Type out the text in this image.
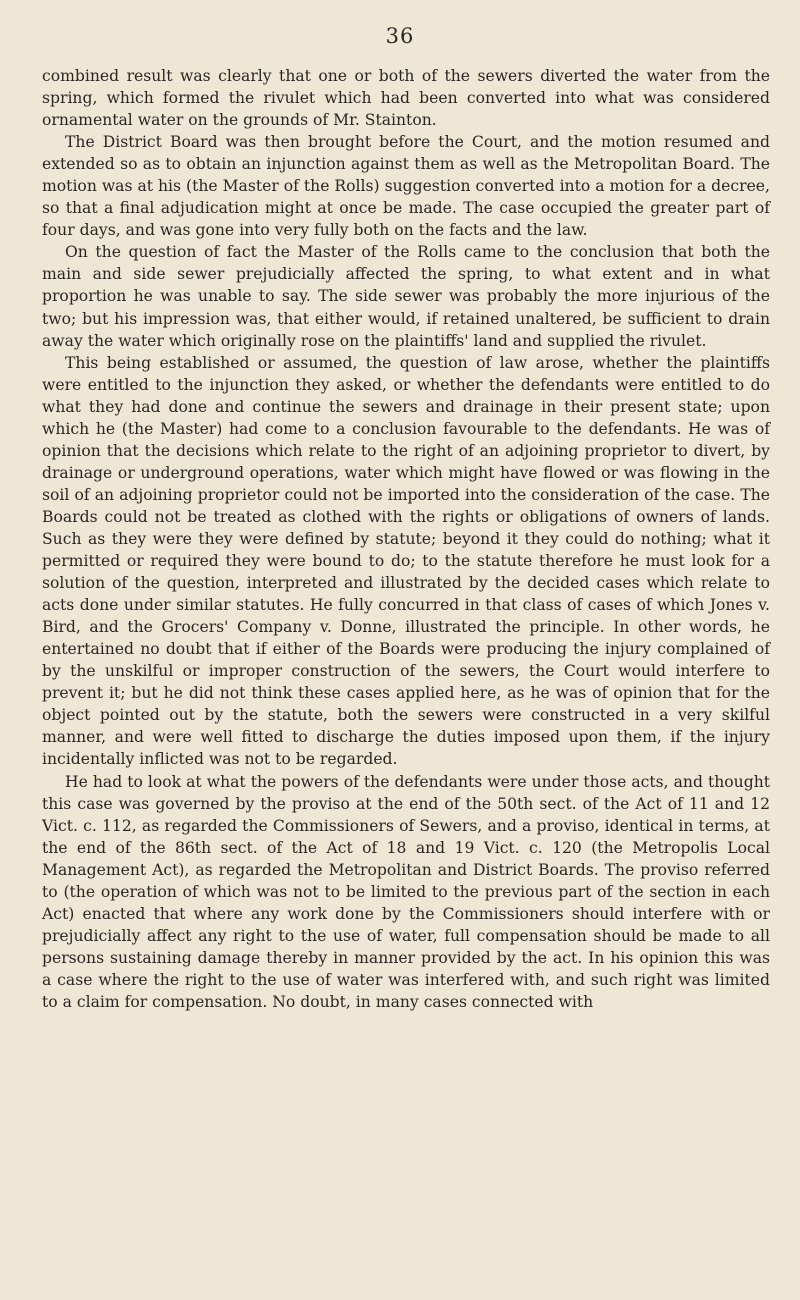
36

combined result was clearly that one or both of the sewers diverted the water from the spring, which formed the rivulet which had been converted into what was considered ornamental water on the grounds of Mr. Stainton.

The District Board was then brought before the Court, and the motion resumed and extended so as to obtain an injunction against them as well as the Metropolitan Board. The motion was at his (the Master of the Rolls) suggestion converted into a motion for a decree, so that a final adjudication might at once be made. The case occupied the greater part of four days, and was gone into very fully both on the facts and the law.

On the question of fact the Master of the Rolls came to the conclusion that both the main and side sewer prejudicially affected the spring, to what extent and in what proportion he was unable to say. The side sewer was probably the more injurious of the two; but his impression was, that either would, if retained unaltered, be sufficient to drain away the water which originally rose on the plaintiffs' land and supplied the rivulet.

This being established or assumed, the question of law arose, whether the plaintiffs were entitled to the injunction they asked, or whether the defendants were entitled to do what they had done and continue the sewers and drainage in their present state; upon which he (the Master) had come to a conclusion favourable to the defendants. He was of opinion that the decisions which relate to the right of an adjoining proprietor to divert, by drainage or underground operations, water which might have flowed or was flowing in the soil of an adjoining proprietor could not be imported into the consideration of the case. The Boards could not be treated as clothed with the rights or obligations of owners of lands. Such as they were they were defined by statute; beyond it they could do nothing; what it permitted or required they were bound to do; to the statute therefore he must look for a solution of the question, interpreted and illustrated by the decided cases which relate to acts done under similar statutes. He fully concurred in that class of cases of which Jones v. Bird, and the Grocers' Company v. Donne, illustrated the principle. In other words, he entertained no doubt that if either of the Boards were producing the injury complained of by the unskilful or improper construction of the sewers, the Court would interfere to prevent it; but he did not think these cases applied here, as he was of opinion that for the object pointed out by the statute, both the sewers were constructed in a very skilful manner, and were well fitted to discharge the duties imposed upon them, if the injury incidentally inflicted was not to be regarded.

He had to look at what the powers of the defendants were under those acts, and thought this case was governed by the proviso at the end of the 50th sect. of the Act of 11 and 12 Vict. c. 112, as regarded the Commissioners of Sewers, and a proviso, identical in terms, at the end of the 86th sect. of the Act of 18 and 19 Vict. c. 120 (the Metropolis Local Management Act), as regarded the Metropolitan and District Boards. The proviso referred to (the operation of which was not to be limited to the previous part of the section in each Act) enacted that where any work done by the Commissioners should interfere with or prejudicially affect any right to the use of water, full compensation should be made to all persons sustaining damage thereby in manner provided by the act. In his opinion this was a case where the right to the use of water was interfered with, and such right was limited to a claim for compensation. No doubt, in many cases connected with
